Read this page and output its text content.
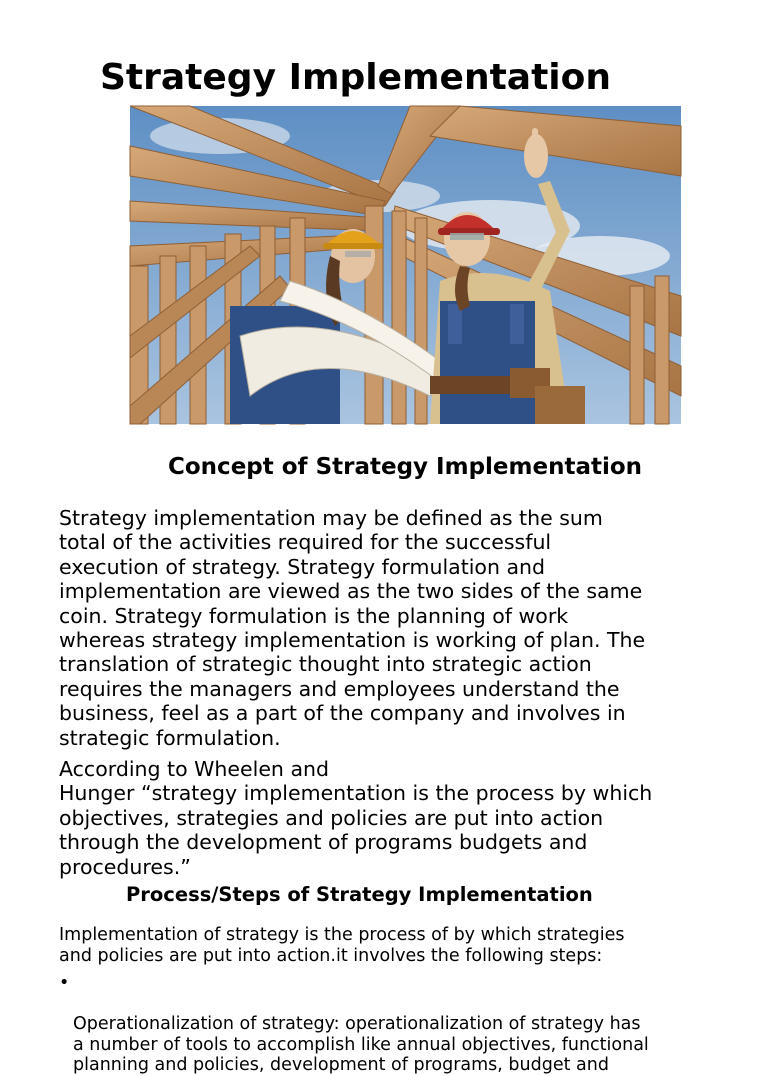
Strategy Implementation
Concept of Strategy Implementation

Strategy implementation may be defined as the sum
total of the activities required for the successful
execution of strategy. Strategy formulation and
implementation are viewed as the two sides of the same
coin. Strategy formulation is the planning of work
whereas strategy implementation is working of plan. The
translation of strategic thought into strategic action
requires the managers and employees understand the
business, feel as a part of the company and involves in
strategic formulation.

According to Wheelen and
Hunger “strategy implementation is the process by which
objectives, strategies and policies are put into action
through the development of programs budgets and
procedures.”

Process/Steps of Strategy Implementation

Implementation of strategy is the process of by which strategies
and policies are put into action.it involves the following steps:

•

Operationalization of strategy: operationalization of strategy has
a number of tools to accomplish like annual objectives, functional
planning and policies, development of programs, budget and
